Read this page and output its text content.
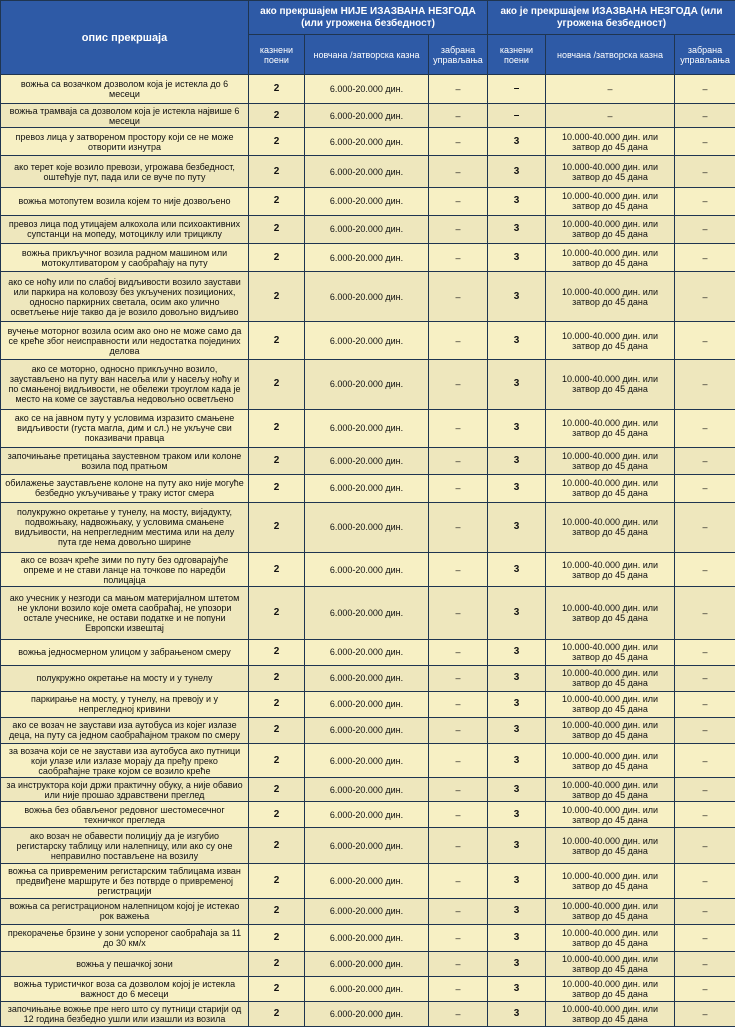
опис прекршаја	ако прекршајем НИЈЕ ИЗАЗВАНА НЕЗГОДА (или угрожена безбедност)			ако је прекршајем ИЗАЗВАНА НЕЗГОДА (или угрожена безбедност)		
	казнени поени	новчана /затворска казна	забрана управљања	казнени поени	новчана /затворска казна	забрана управљања
вожња са возачком дозволом која је истекла до 6 месеци	2	6.000-20.000 дин.	–	–	–	–
вожња трамваја са дозволом која је истекла највише 6 месеци	2	6.000-20.000 дин.	–	–	–	–
превоз лица у затвореном простору који се не може отворити изнутра	2	6.000-20.000 дин.	–	3	10.000-40.000 дин. или затвор до 45 дана	–
ако терет које возило превози, угрожава безбедност, оштећује пут, пада или се вуче по путу	2	6.000-20.000 дин.	–	3	10.000-40.000 дин. или затвор до 45 дана	–
вожња мотопутем возила којем то није дозвољено	2	6.000-20.000 дин.	–	3	10.000-40.000 дин. или затвор до 45 дана	–
превоз лица под утицајем алкохола или психоактивних супстанци на мопеду, мотоциклу или трициклу	2	6.000-20.000 дин.	–	3	10.000-40.000 дин. или затвор до 45 дана	–
вожња прикључног возила радном машином или мотокултиватором у саобраћају на путу	2	6.000-20.000 дин.	–	3	10.000-40.000 дин. или затвор до 45 дана	–
ако се ноћу или по слабој видљивости возило заустави или паркира на коловозу без укључених позиционих, односно паркирних светала, осим ако улично осветљење није такво да је возило довољно видљиво	2	6.000-20.000 дин.	–	3	10.000-40.000 дин. или затвор до 45 дана	–
вучење моторног возила осим ако оно не може само да се креће због неисправности или недостатка појединих делова	2	6.000-20.000 дин.	–	3	10.000-40.000 дин. или затвор до 45 дана	–
ако се моторно, односно прикључно возило, заустављено на путу ван насеља или у насељу ноћу и по смањеној видљивости, не обележи троуглом када је место на коме се зауставља недовољно осветљено	2	6.000-20.000 дин.	–	3	10.000-40.000 дин. или затвор до 45 дана	–
ако се на јавном путу у условима изразито смањене видљивости (густа магла, дим и сл.) не укључе сви показивачи правца	2	6.000-20.000 дин.	–	3	10.000-40.000 дин. или затвор до 45 дана	–
започињање претицања заустевном траком или колоне возила под пратњом	2	6.000-20.000 дин.	–	3	10.000-40.000 дин. или затвор до 45 дана	–
обилажење заустављене колоне на путу ако није могуће безбедно укључивање у траку истог смера	2	6.000-20.000 дин.	–	3	10.000-40.000 дин. или затвор до 45 дана	–
полукружно окретање у тунелу, на мосту, вијадукту, подвожњаку, надвожњаку, у условима смањене видљивости, на непрегледним местима или на делу пута где нема довољно ширине	2	6.000-20.000 дин.	–	3	10.000-40.000 дин. или затвор до 45 дана	–
ако се возач креће зими по путу без одговарајуће опреме и не стави ланце на точкове по наредби полицајца	2	6.000-20.000 дин.	–	3	10.000-40.000 дин. или затвор до 45 дана	–
ако учесник у незгоди са мањом материјалном штетом не уклони возило које омета саобраћај, не упозори остале учеснике, не остави податке и не попуни Европски извештај	2	6.000-20.000 дин.	–	3	10.000-40.000 дин. или затвор до 45 дана	–
вожња једносмерном улицом у забрањеном смеру	2	6.000-20.000 дин.	–	3	10.000-40.000 дин. или затвор до 45 дана	–
полукружно окретање на мосту и у тунелу	2	6.000-20.000 дин.	–	3	10.000-40.000 дин. или затвор до 45 дана	–
паркирање на мосту, у тунелу, на превоју и у непрегледној кривини	2	6.000-20.000 дин.	–	3	10.000-40.000 дин. или затвор до 45 дана	–
ако се возач не заустави иза аутобуса из којег излазе деца, на путу са једном саобраћајном траком по смеру	2	6.000-20.000 дин.	–	3	10.000-40.000 дин. или затвор до 45 дана	–
за возача који се не заустави иза аутобуса ако путници који улазе или излазе морају да пређу преко саобраћајне траке којом се возило креће	2	6.000-20.000 дин.	–	3	10.000-40.000 дин. или затвор до 45 дана	–
за инструктора који држи практичну обуку, а није обавио или није прошао здравствени преглед	2	6.000-20.000 дин.	–	3	10.000-40.000 дин. или затвор до 45 дана	–
вожња без обављеног редовног шестомесечног техничког прегледа	2	6.000-20.000 дин.	–	3	10.000-40.000 дин. или затвор до 45 дана	–
ако возач не обавести полицију да је изгубио регистарску таблицу или налепницу, или ако су оне неправилно постављене на возилу	2	6.000-20.000 дин.	–	3	10.000-40.000 дин. или затвор до 45 дана	–
вожња са привременим регистарским таблицама изван предвиђене маршруте и без потврде о привременој регистрацији	2	6.000-20.000 дин.	–	3	10.000-40.000 дин. или затвор до 45 дана	–
вожња са регистрационом налепницом којој је истекао рок важења	2	6.000-20.000 дин.	–	3	10.000-40.000 дин. или затвор до 45 дана	–
прекорачење брзине у зони успореног саобраћаја за 11 до 30 км/х	2	6.000-20.000 дин.	–	3	10.000-40.000 дин. или затвор до 45 дана	–
вожња у пешачкој зони	2	6.000-20.000 дин.	–	3	10.000-40.000 дин. или затвор до 45 дана	–
вожња туристичког воза са дозволом којој је истекла важност до 6 месеци	2	6.000-20.000 дин.	–	3	10.000-40.000 дин. или затвор до 45 дана	–
започињање вожње пре него што су путници старији од 12 година безбедно ушли или изашли из возила	2	6.000-20.000 дин.	–	3	10.000-40.000 дин. или затвор до 45 дана	–
